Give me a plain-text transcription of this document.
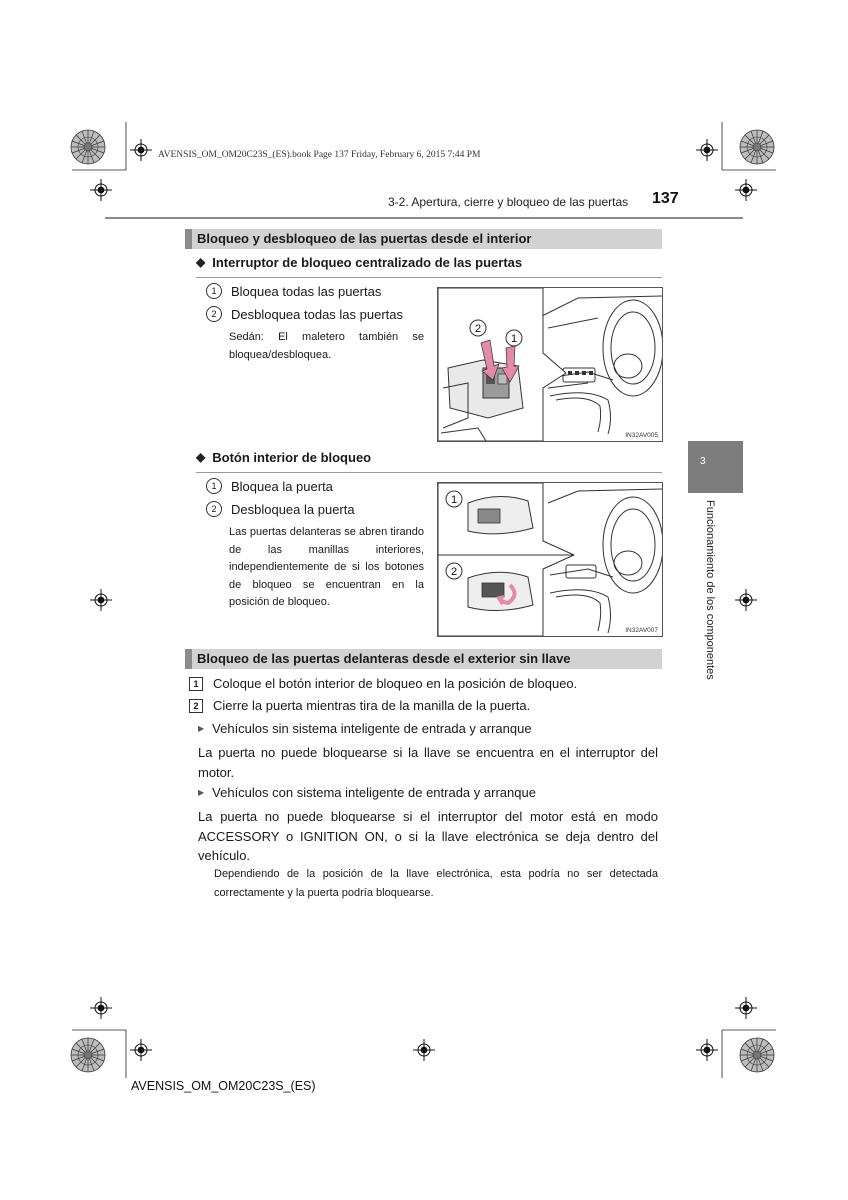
AVENSIS_OM_OM20C23S_(ES).book Page 137 Friday, February 6, 2015 7:44 PM
3-2. Apertura, cierre y bloqueo de las puertas 137
Bloqueo y desbloqueo de las puertas desde el interior
◆ Interruptor de bloqueo centralizado de las puertas
1	Bloquea todas las puertas
2	Desbloquea todas las puertas
Sedán: El maletero también se bloquea/desbloquea.
2
1
IN32AV005
◆ Botón interior de bloqueo
1	Bloquea la puerta
2	Desbloquea la puerta
Las puertas delanteras se abren tirando de las manillas interiores, independientemente de si los botones de bloqueo se encuentran en la posición de bloqueo.
1
2
IN32AV007
3
Funcionamiento de los componentes
Bloqueo de las puertas delanteras desde el exterior sin llave
1	Coloque el botón interior de bloqueo en la posición de bloqueo.
2	Cierre la puerta mientras tira de la manilla de la puerta.
▶ Vehículos sin sistema inteligente de entrada y arranque
La puerta no puede bloquearse si la llave se encuentra en el interruptor del motor.
▶ Vehículos con sistema inteligente de entrada y arranque
La puerta no puede bloquearse si el interruptor del motor está en modo ACCESSORY o IGNITION ON, o si la llave electrónica se deja dentro del vehículo.
Dependiendo de la posición de la llave electrónica, esta podría no ser detectada correctamente y la puerta podría bloquearse.
AVENSIS_OM_OM20C23S_(ES)
